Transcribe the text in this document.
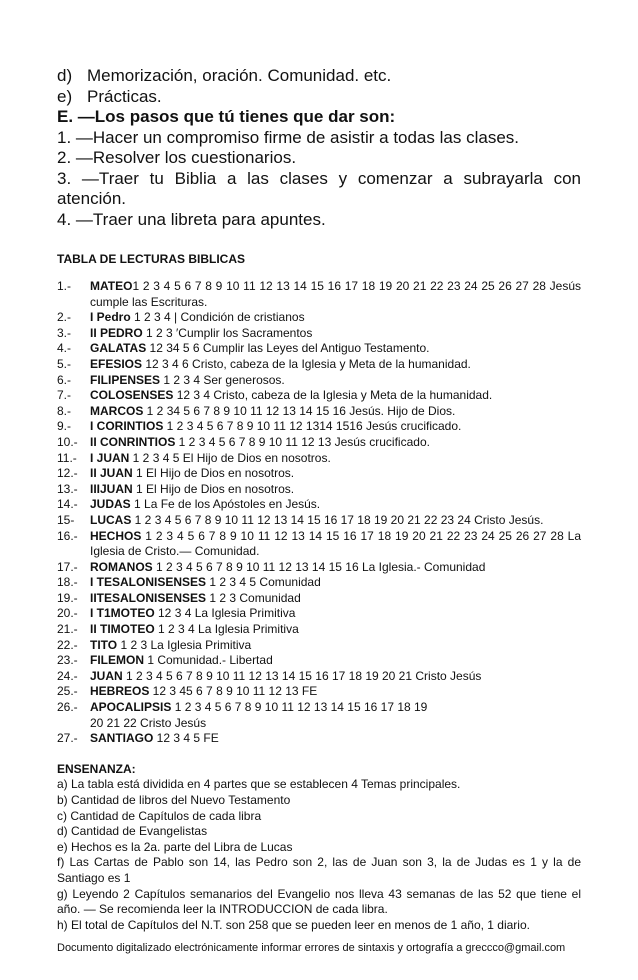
d) Memorización, oración. Comunidad. etc.

e) Prácticas.

E. —Los pasos que tú tienes que dar son:

1. —Hacer un compromiso firme de asistir a todas las clases.

2. —Resolver los cuestionarios.

3. —Traer tu Biblia a las clases y comenzar a subrayarla con atención.

4. —Traer una libreta para apuntes.

TABLA DE LECTURAS BIBLICAS
1.-	MATEO1 2 3 4 5 6 7 8 9 10 11 12 13 14 15 16 17 18 19 20 21 22 23 24 25 26 27 28 Jesús cumple las Escrituras.
2.-	I Pedro 1 2 3 4 | Condición de cristianos
3.-	II PEDRO 1 2 3 ′Cumplir los Sacramentos
4.-	GALATAS 12 34 5 6 Cumplir las Leyes del Antiguo Testamento.
5.-	EFESIOS 12 3 4 6 Cristo, cabeza de la Iglesia y Meta de la humanidad.
6.-	FILIPENSES 1 2 3 4 Ser generosos.
7.-	COLOSENSES 12 3 4 Cristo, cabeza de la Iglesia y Meta de la humanidad.
8.-	MARCOS 1 2 34 5 6 7 8 9 10 11 12 13 14 15 16 Jesús. Hijo de Dios.
9.-	I CORINTIOS 1 2 3 4 5 6 7 8 9 10 11 12 1314 1516 Jesús crucificado.
10.-	II CONRINTIOS 1 2 3 4 5 6 7 8 9 10 11 12 13 Jesús crucificado.
11.-	I JUAN 1 2 3 4 5 El Hijo de Dios en nosotros.
12.-	II JUAN 1 El Hijo de Dios en nosotros.
13.-	IIIJUAN 1 El Hijo de Dios en nosotros.
14.-	JUDAS 1 La Fe de los Apóstoles en Jesús.
15-	LUCAS 1 2 3 4 5 6 7 8 9 10 11 12 13 14 15 16 17 18 19 20 21 22 23 24 Cristo Jesús.
16.-	HECHOS 1 2 3 4 5 6 7 8 9 10 11 12 13 14 15 16 17 18 19 20 21 22 23 24 25 26 27 28 La Iglesia de Cristo.— Comunidad.
17.-	ROMANOS 1 2 3 4 5 6 7 8 9 10 11 12 13 14 15 16 La Iglesia.- Comunidad
18.-	I TESALONISENSES 1 2 3 4 5 Comunidad
19.-	IITESALONISENSES 1 2 3 Comunidad
20.-	I T1MOTEO 12 3 4 La Iglesia Primitiva
21.-	II TIMOTEO 1 2 3 4 La Iglesia Primitiva
22.-	TITO 1 2 3 La Iglesia Primitiva
23.-	FILEMON 1 Comunidad.- Libertad
24.-	JUAN 1 2 3 4 5 6 7 8 9 10 11 12 13 14 15 16 17 18 19 20 21 Cristo Jesús
25.-	HEBREOS 12 3 45 6 7 8 9 10 11 12 13 FE
26.-	APOCALIPSIS 1 2 3 4 5 6 7 8 9 10 11 12 13 14 15 16 17 18 19
20 21 22 Cristo Jesús
27.-	SANTIAGO 12 3 4 5 FE
ENSENANZA:

a) La tabla está dividida en 4 partes que se establecen 4 Temas principales.

b) Cantidad de libros del Nuevo Testamento

c) Cantidad de Capítulos de cada libra

d) Cantidad de Evangelistas

e) Hechos es la 2a. parte del Libra de Lucas

f) Las Cartas de Pablo son 14, las Pedro son 2, las de Juan son 3, la de Judas es 1 y la de Santiago es 1

g) Leyendo 2 Capítulos semanarios del Evangelio nos lleva 43 semanas de las 52 que tiene el año. — Se recomienda leer la INTRODUCCION de cada libra.

h) El total de Capítulos del N.T. son 258 que se pueden leer en menos de 1 año, 1 diario.

Documento digitalizado electrónicamente informar errores de sintaxis y ortografía a greccco@gmail.com
